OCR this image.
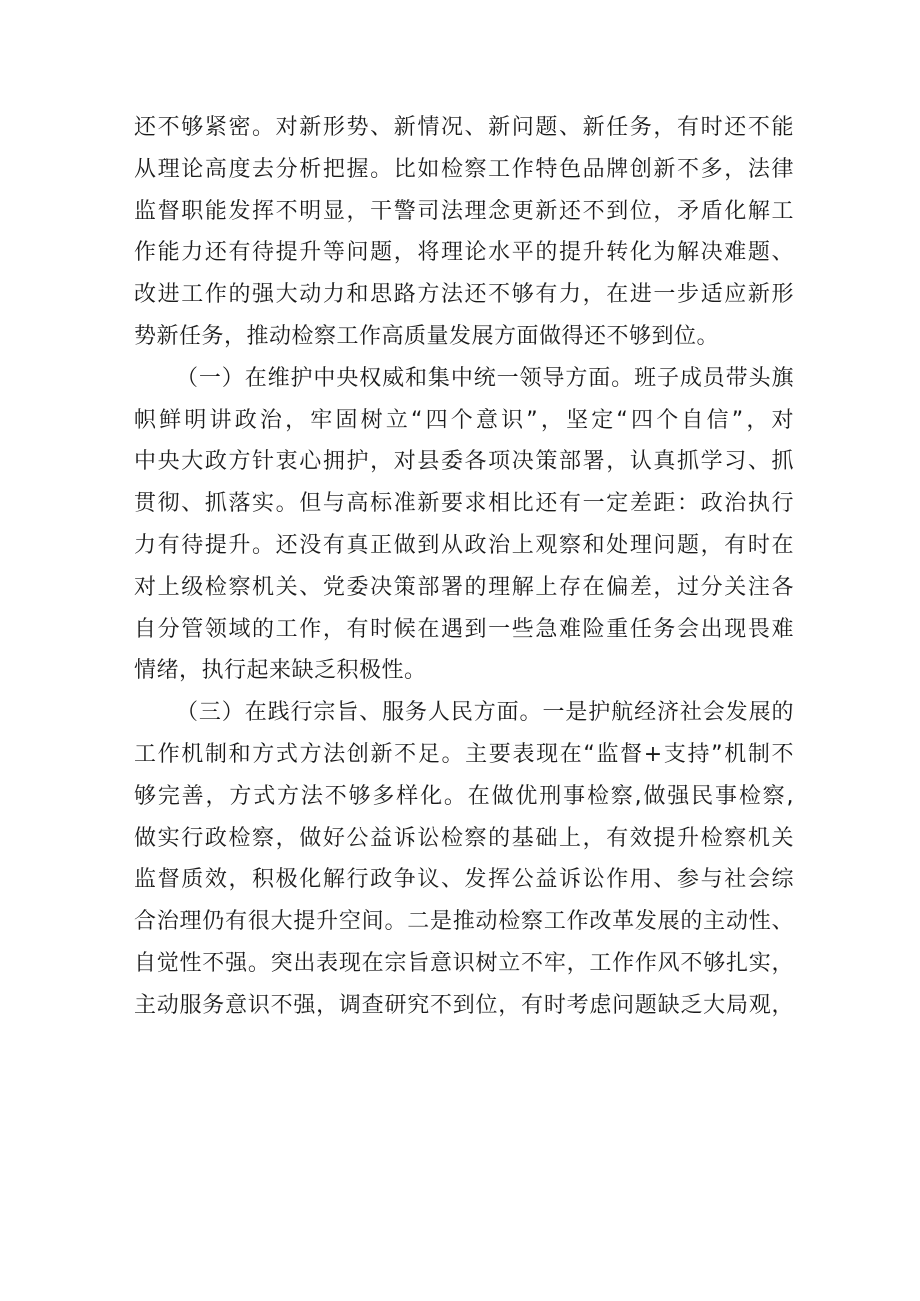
还不够紧密。对新形势、新情况、新问题、新任务，有时还不能
从理论高度去分析把握。比如检察工作特色品牌创新不多，法律
监督职能发挥不明显，干警司法理念更新还不到位，矛盾化解工
作能力还有待提升等问题，将理论水平的提升转化为解决难题、
改进工作的强大动力和思路方法还不够有力，在进一步适应新形
势新任务，推动检察工作高质量发展方面做得还不够到位。
（一）在维护中央权威和集中统一领导方面。班子成员带头旗
帜鲜明讲政治，牢固树立“四个意识”，坚定“四个自信”，对
中央大政方针衷心拥护，对县委各项决策部署，认真抓学习、抓
贯彻、抓落实。但与高标准新要求相比还有一定差距：政治执行
力有待提升。还没有真正做到从政治上观察和处理问题，有时在
对上级检察机关、党委决策部署的理解上存在偏差，过分关注各
自分管领域的工作，有时候在遇到一些急难险重任务会出现畏难
情绪，执行起来缺乏积极性。
（三）在践行宗旨、服务人民方面。一是护航经济社会发展的
工作机制和方式方法创新不足。主要表现在“监督+支持”机制不
够完善，方式方法不够多样化。在做优刑事检察,做强民事检察,
做实行政检察，做好公益诉讼检察的基础上，有效提升检察机关
监督质效，积极化解行政争议、发挥公益诉讼作用、参与社会综
合治理仍有很大提升空间。二是推动检察工作改革发展的主动性、
自觉性不强。突出表现在宗旨意识树立不牢，工作作风不够扎实，
主动服务意识不强，调查研究不到位，有时考虑问题缺乏大局观，
